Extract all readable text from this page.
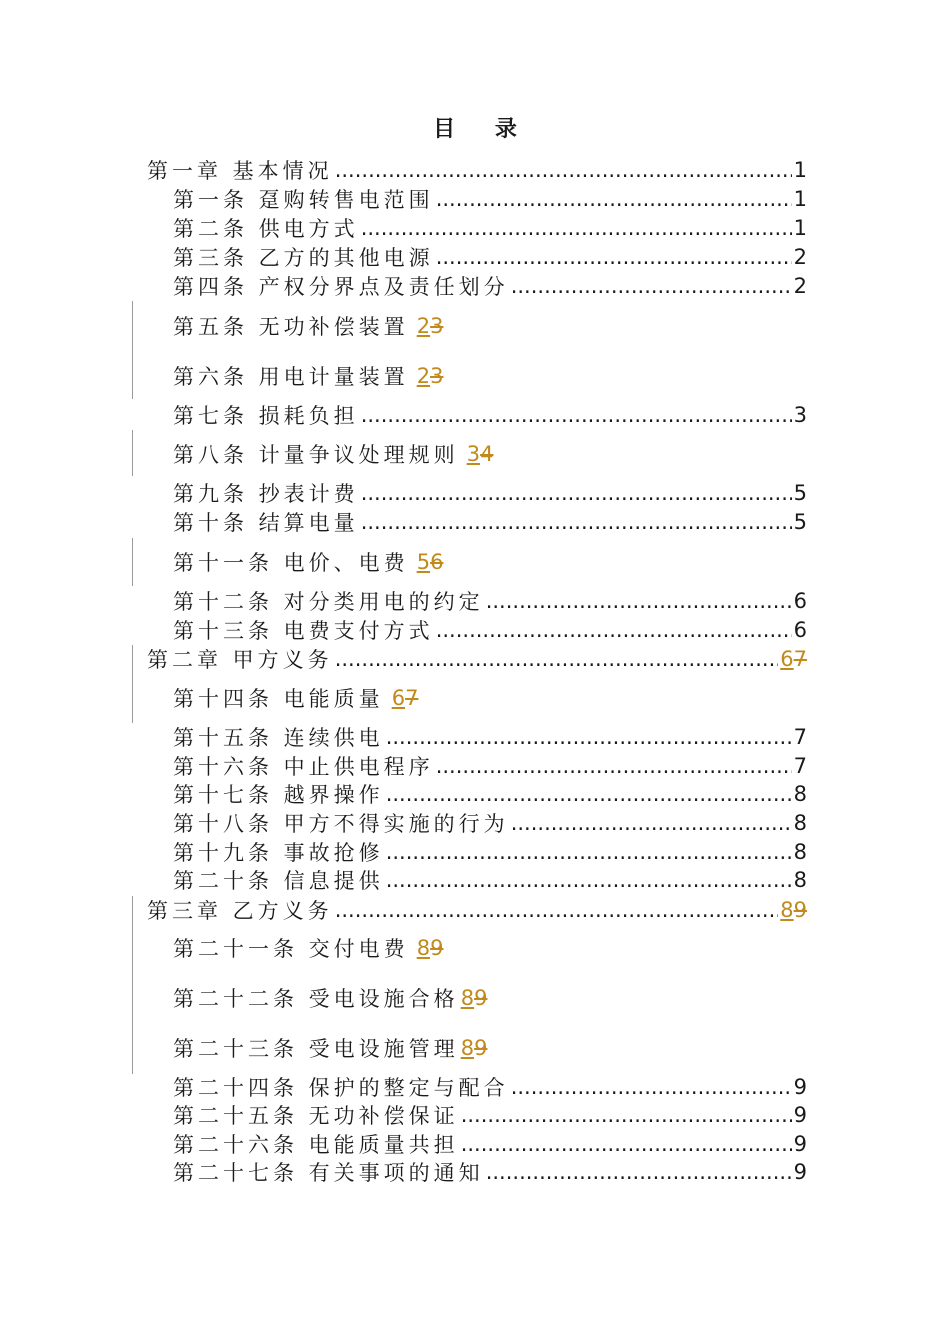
目 录
第一章 基本情况 .....	1
第一条 趸购转售电范围 .....	1
第二条 供电方式 .....	1
第三条 乙方的其他电源 .....	2
第四条 产权分界点及责任划分 .....	2
第五条 无功补偿装置 23
第六条 用电计量装置 23
第七条 损耗负担 .....	3
第八条 计量争议处理规则 34
第九条 抄表计费 .....	5
第十条 结算电量 .....	5
第十一条 电价、电费 56
第十二条 对分类用电的约定 .....	6
第十三条 电费支付方式 .....	6
第二章 甲方义务 .....	67
第十四条 电能质量 67
第十五条 连续供电 .....	7
第十六条 中止供电程序 .....	7
第十七条 越界操作 .....	8
第十八条 甲方不得实施的行为 .....	8
第十九条 事故抢修 .....	8
第二十条 信息提供 .....	8
第三章 乙方义务 .....	89
第二十一条 交付电费 89
第二十二条 受电设施合格 89
第二十三条 受电设施管理 89
第二十四条 保护的整定与配合 .....	9
第二十五条 无功补偿保证 .....	9
第二十六条 电能质量共担 .....	9
第二十七条 有关事项的通知 .....	9
